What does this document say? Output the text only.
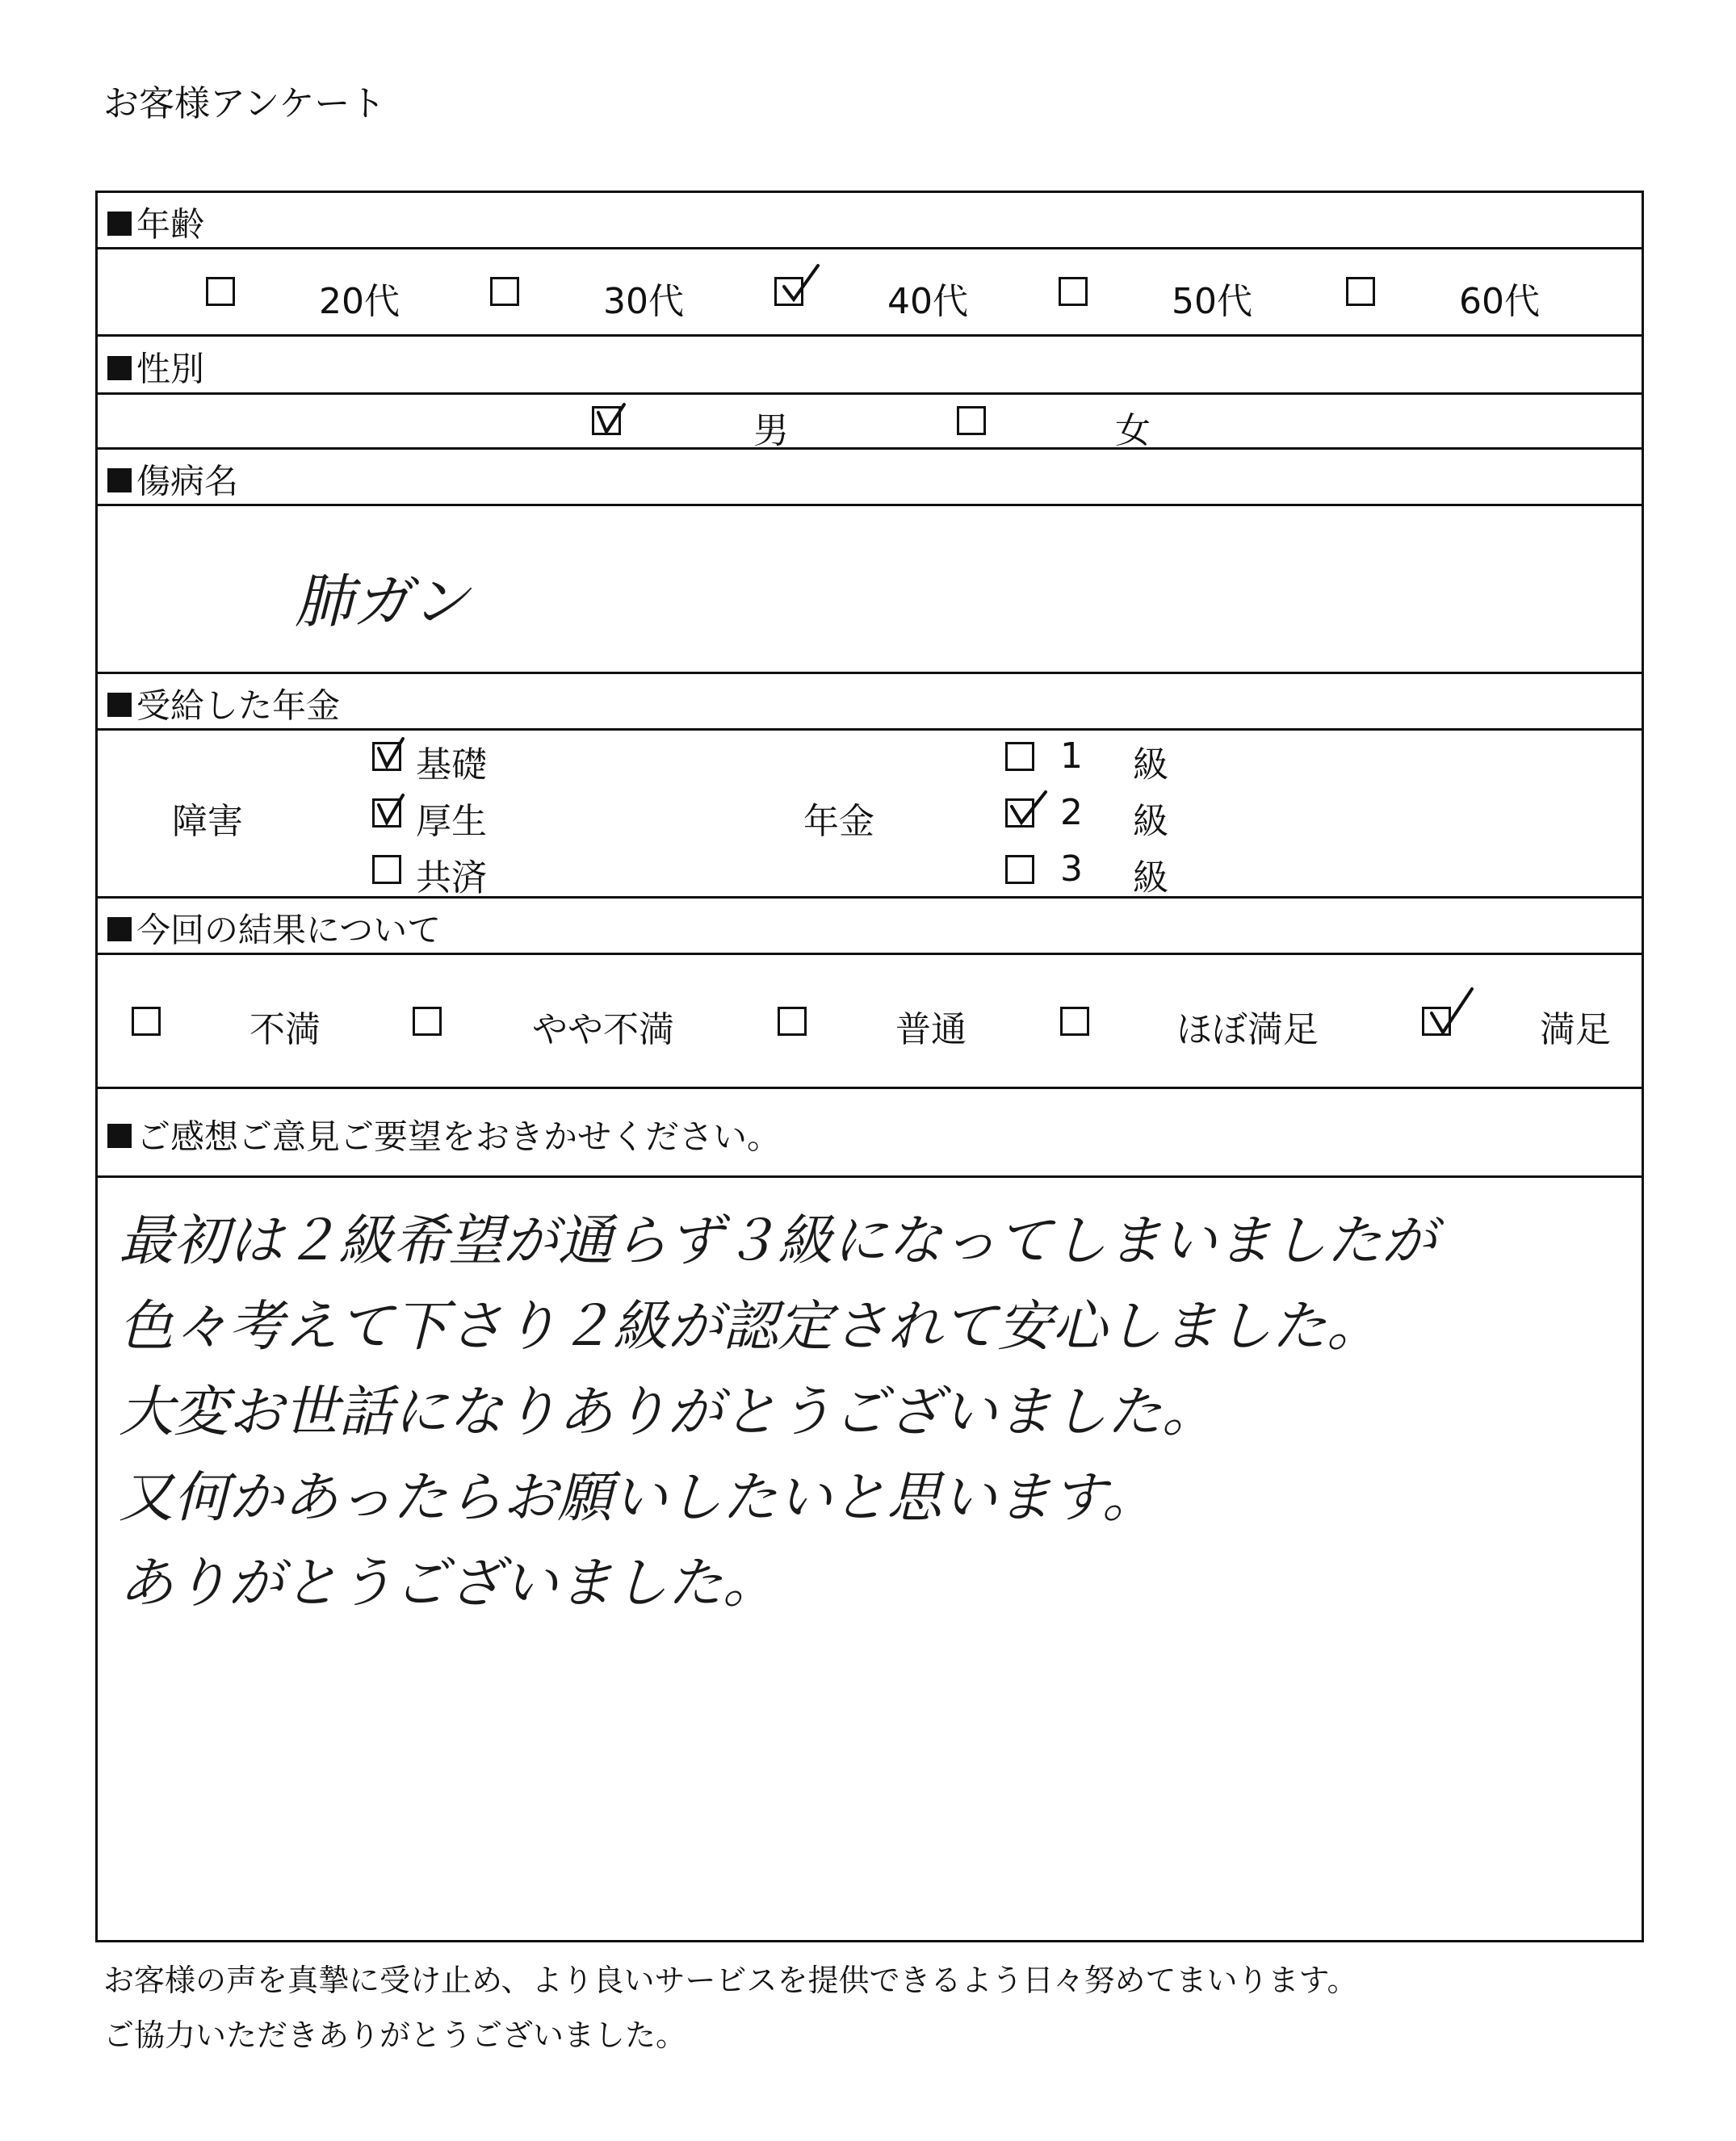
お客様アンケート
年齢
20代	30代	40代	50代	60代
性別
男	女
傷病名
肺ガン
受給した年金
障害
基礎
厚生
共済
年金
1 級
2 級
3 級
今回の結果について
不満	やや不満	普通	ほぼ満足	満足
ご感想ご意見ご要望をおきかせください。
最初は２級希望が通らず３級になってしまいましたが
色々考えて下さり２級が認定されて安心しました。
大変お世話になりありがとうございました。
又何かあったらお願いしたいと思います。
ありがとうございました。
お客様の声を真摯に受け止め、より良いサービスを提供できるよう日々努めてまいります。
ご協力いただきありがとうございました。
